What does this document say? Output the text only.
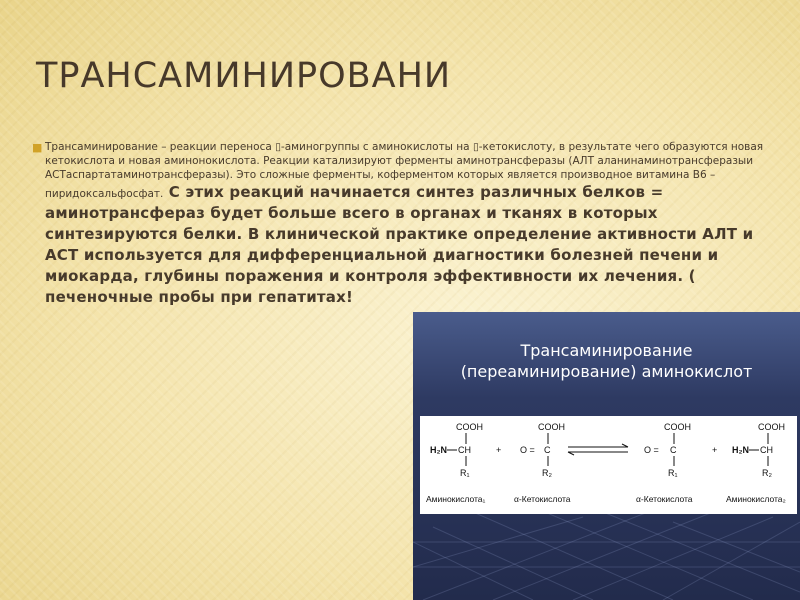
ТРАНСАМИНИРОВАНИ
■ Трансаминирование – реакции переноса ▯-аминогруппы с аминокислоты на ▯-кетокислоту, в результате чего образуются новая кетокислота и новая аминонокислота. Реакции катализируют ферменты аминотрансферазы (АЛТ аланинаминотрансферазыи АСТаспартатаминотрансферазы). Это сложные ферменты, коферментом которых является производное витамина В6 – пиридоксальфосфат. С этих реакций начинается синтез различных белков = аминотрансфераз будет больше всего в органах и тканях в которых синтезируются белки. В клинической практике определение активности АЛТ и АСТ используется для дифференциальной диагностики болезней печени и миокарда, глубины поражения и контроля эффективности их лечения. ( печеночные пробы при гепатитах!
Трансаминирование
(переаминирование) аминокислот
COOH
H₂N CH
R₁
+
COOH
O = C
R₂
COOH
O = C
R₁
+
COOH
H₂N CH
R₂
Аминокислота₁	α-Кетокислота	α-Кетокислота	Аминокислота₂
